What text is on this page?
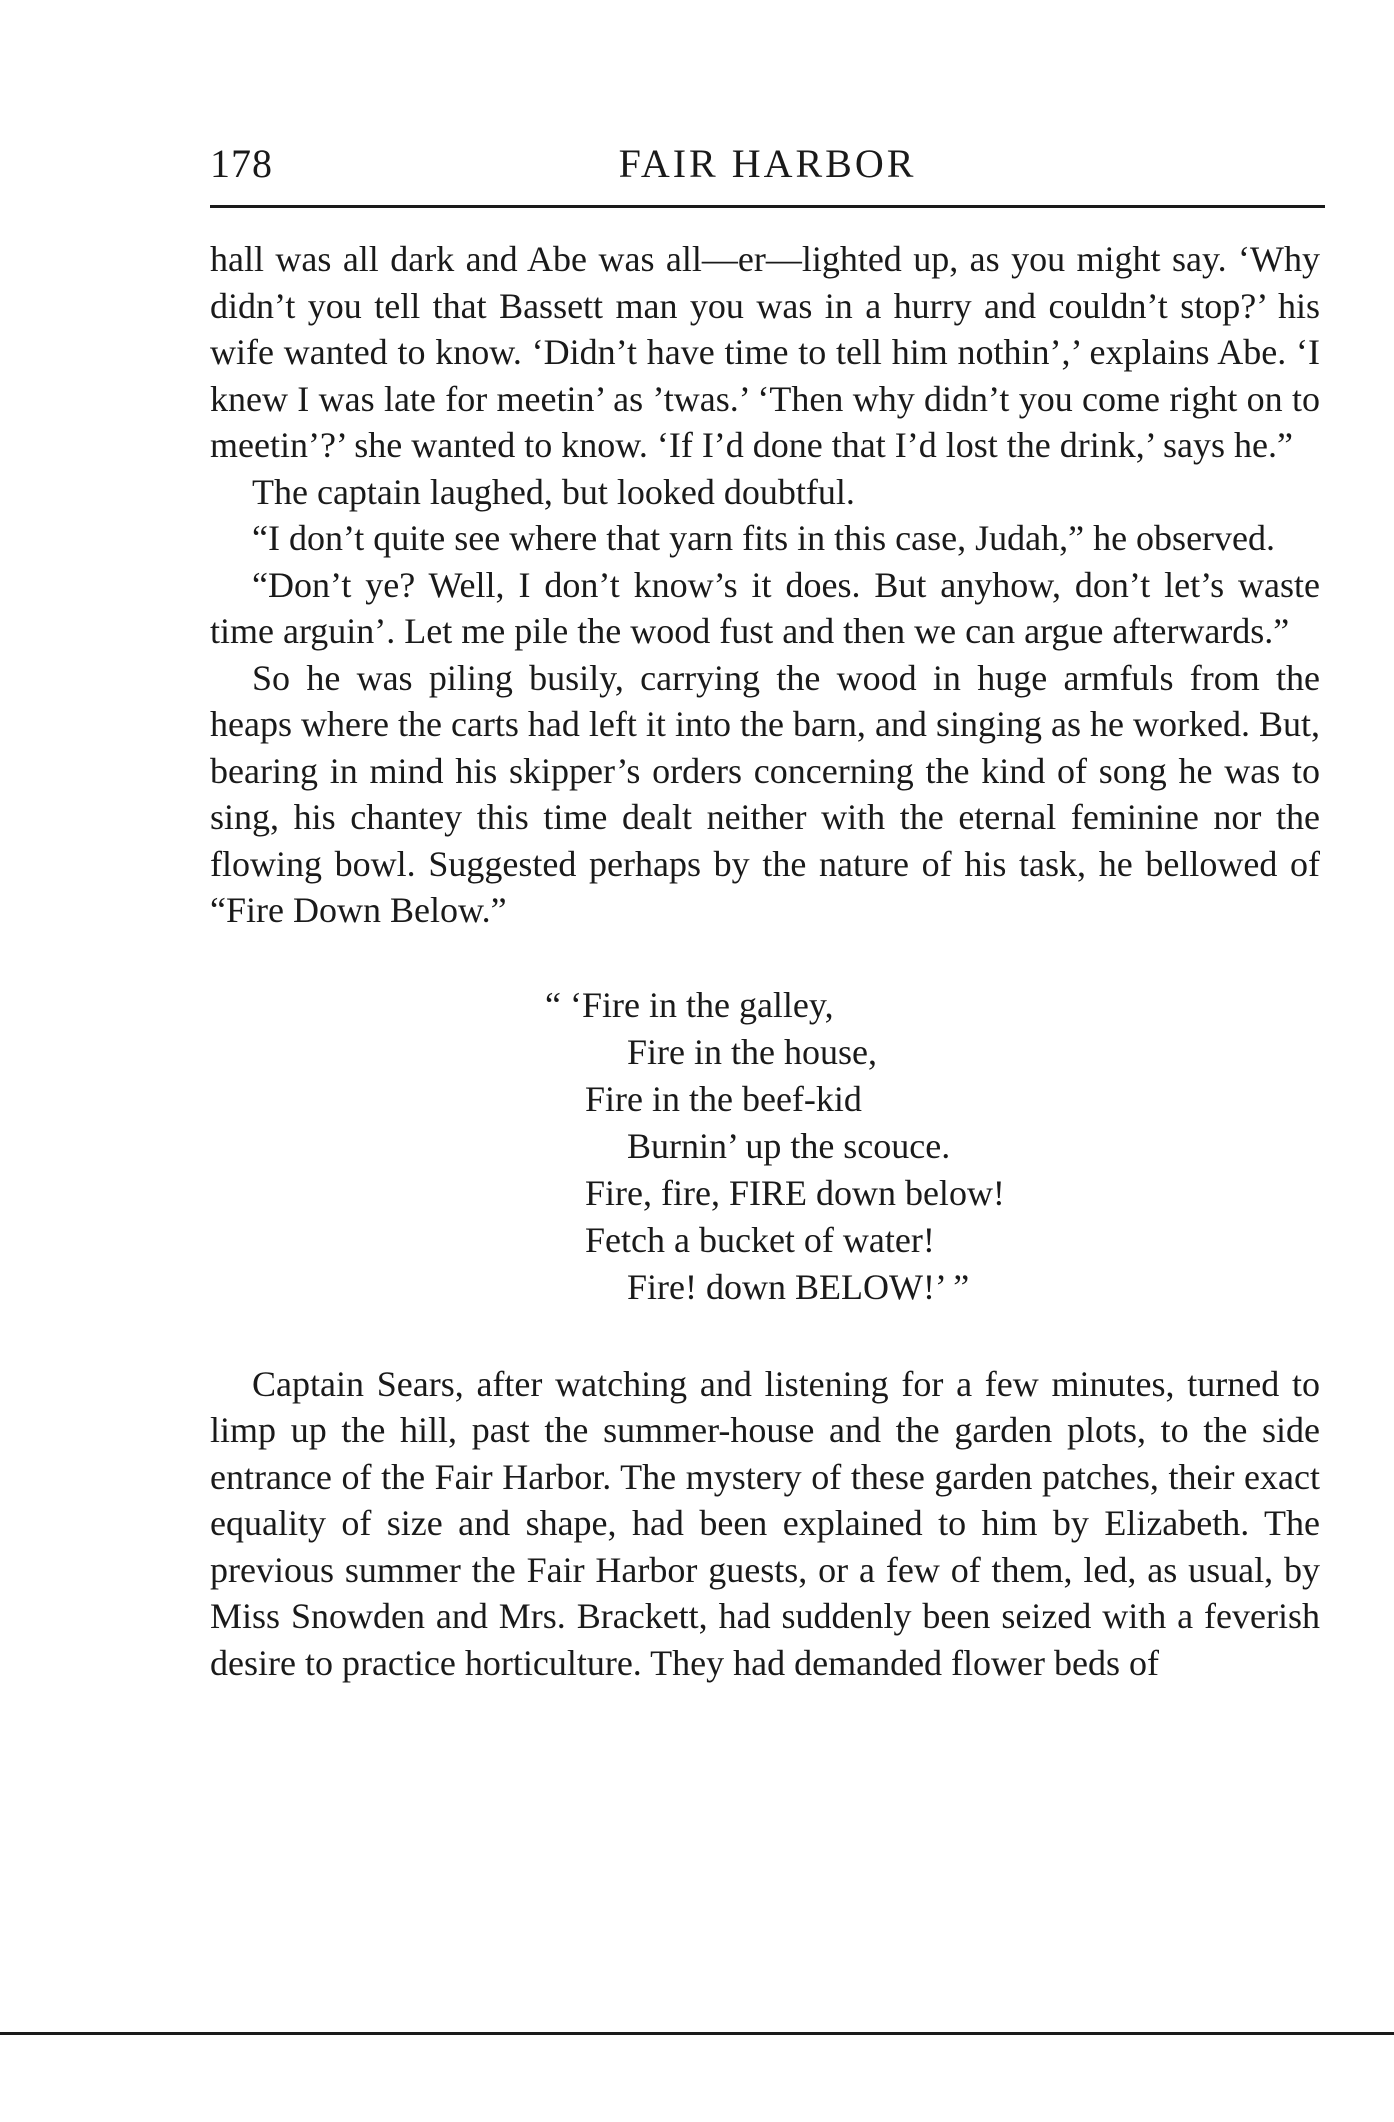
178	FAIR HARBOR

hall was all dark and Abe was all—er—lighted up, as you might say. ‘Why didn’t you tell that Bassett man you was in a hurry and couldn’t stop?’ his wife wanted to know. ‘Didn’t have time to tell him nothin’,’ explains Abe. ‘I knew I was late for meetin’ as ’twas.’ ‘Then why didn’t you come right on to meetin’?’ she wanted to know. ‘If I’d done that I’d lost the drink,’ says he.”

The captain laughed, but looked doubtful.

“I don’t quite see where that yarn fits in this case, Judah,” he observed.

“Don’t ye? Well, I don’t know’s it does. But anyhow, don’t let’s waste time arguin’. Let me pile the wood fust and then we can argue afterwards.”

So he was piling busily, carrying the wood in huge armfuls from the heaps where the carts had left it into the barn, and singing as he worked. But, bearing in mind his skipper’s orders concerning the kind of song he was to sing, his chantey this time dealt neither with the eternal feminine nor the flowing bowl. Suggested perhaps by the nature of his task, he bellowed of “Fire Down Below.”

“ ‘Fire in the galley,

Fire in the house,

Fire in the beef-kid

Burnin’ up the scouce.

Fire, fire, FIRE down below!

Fetch a bucket of water!

Fire! down BELOW!’ ”

Captain Sears, after watching and listening for a few minutes, turned to limp up the hill, past the summer-house and the garden plots, to the side entrance of the Fair Harbor. The mystery of these garden patches, their exact equality of size and shape, had been explained to him by Elizabeth. The previous summer the Fair Harbor guests, or a few of them, led, as usual, by Miss Snowden and Mrs. Brackett, had suddenly been seized with a feverish desire to practice horticulture. They had demanded flower beds of
